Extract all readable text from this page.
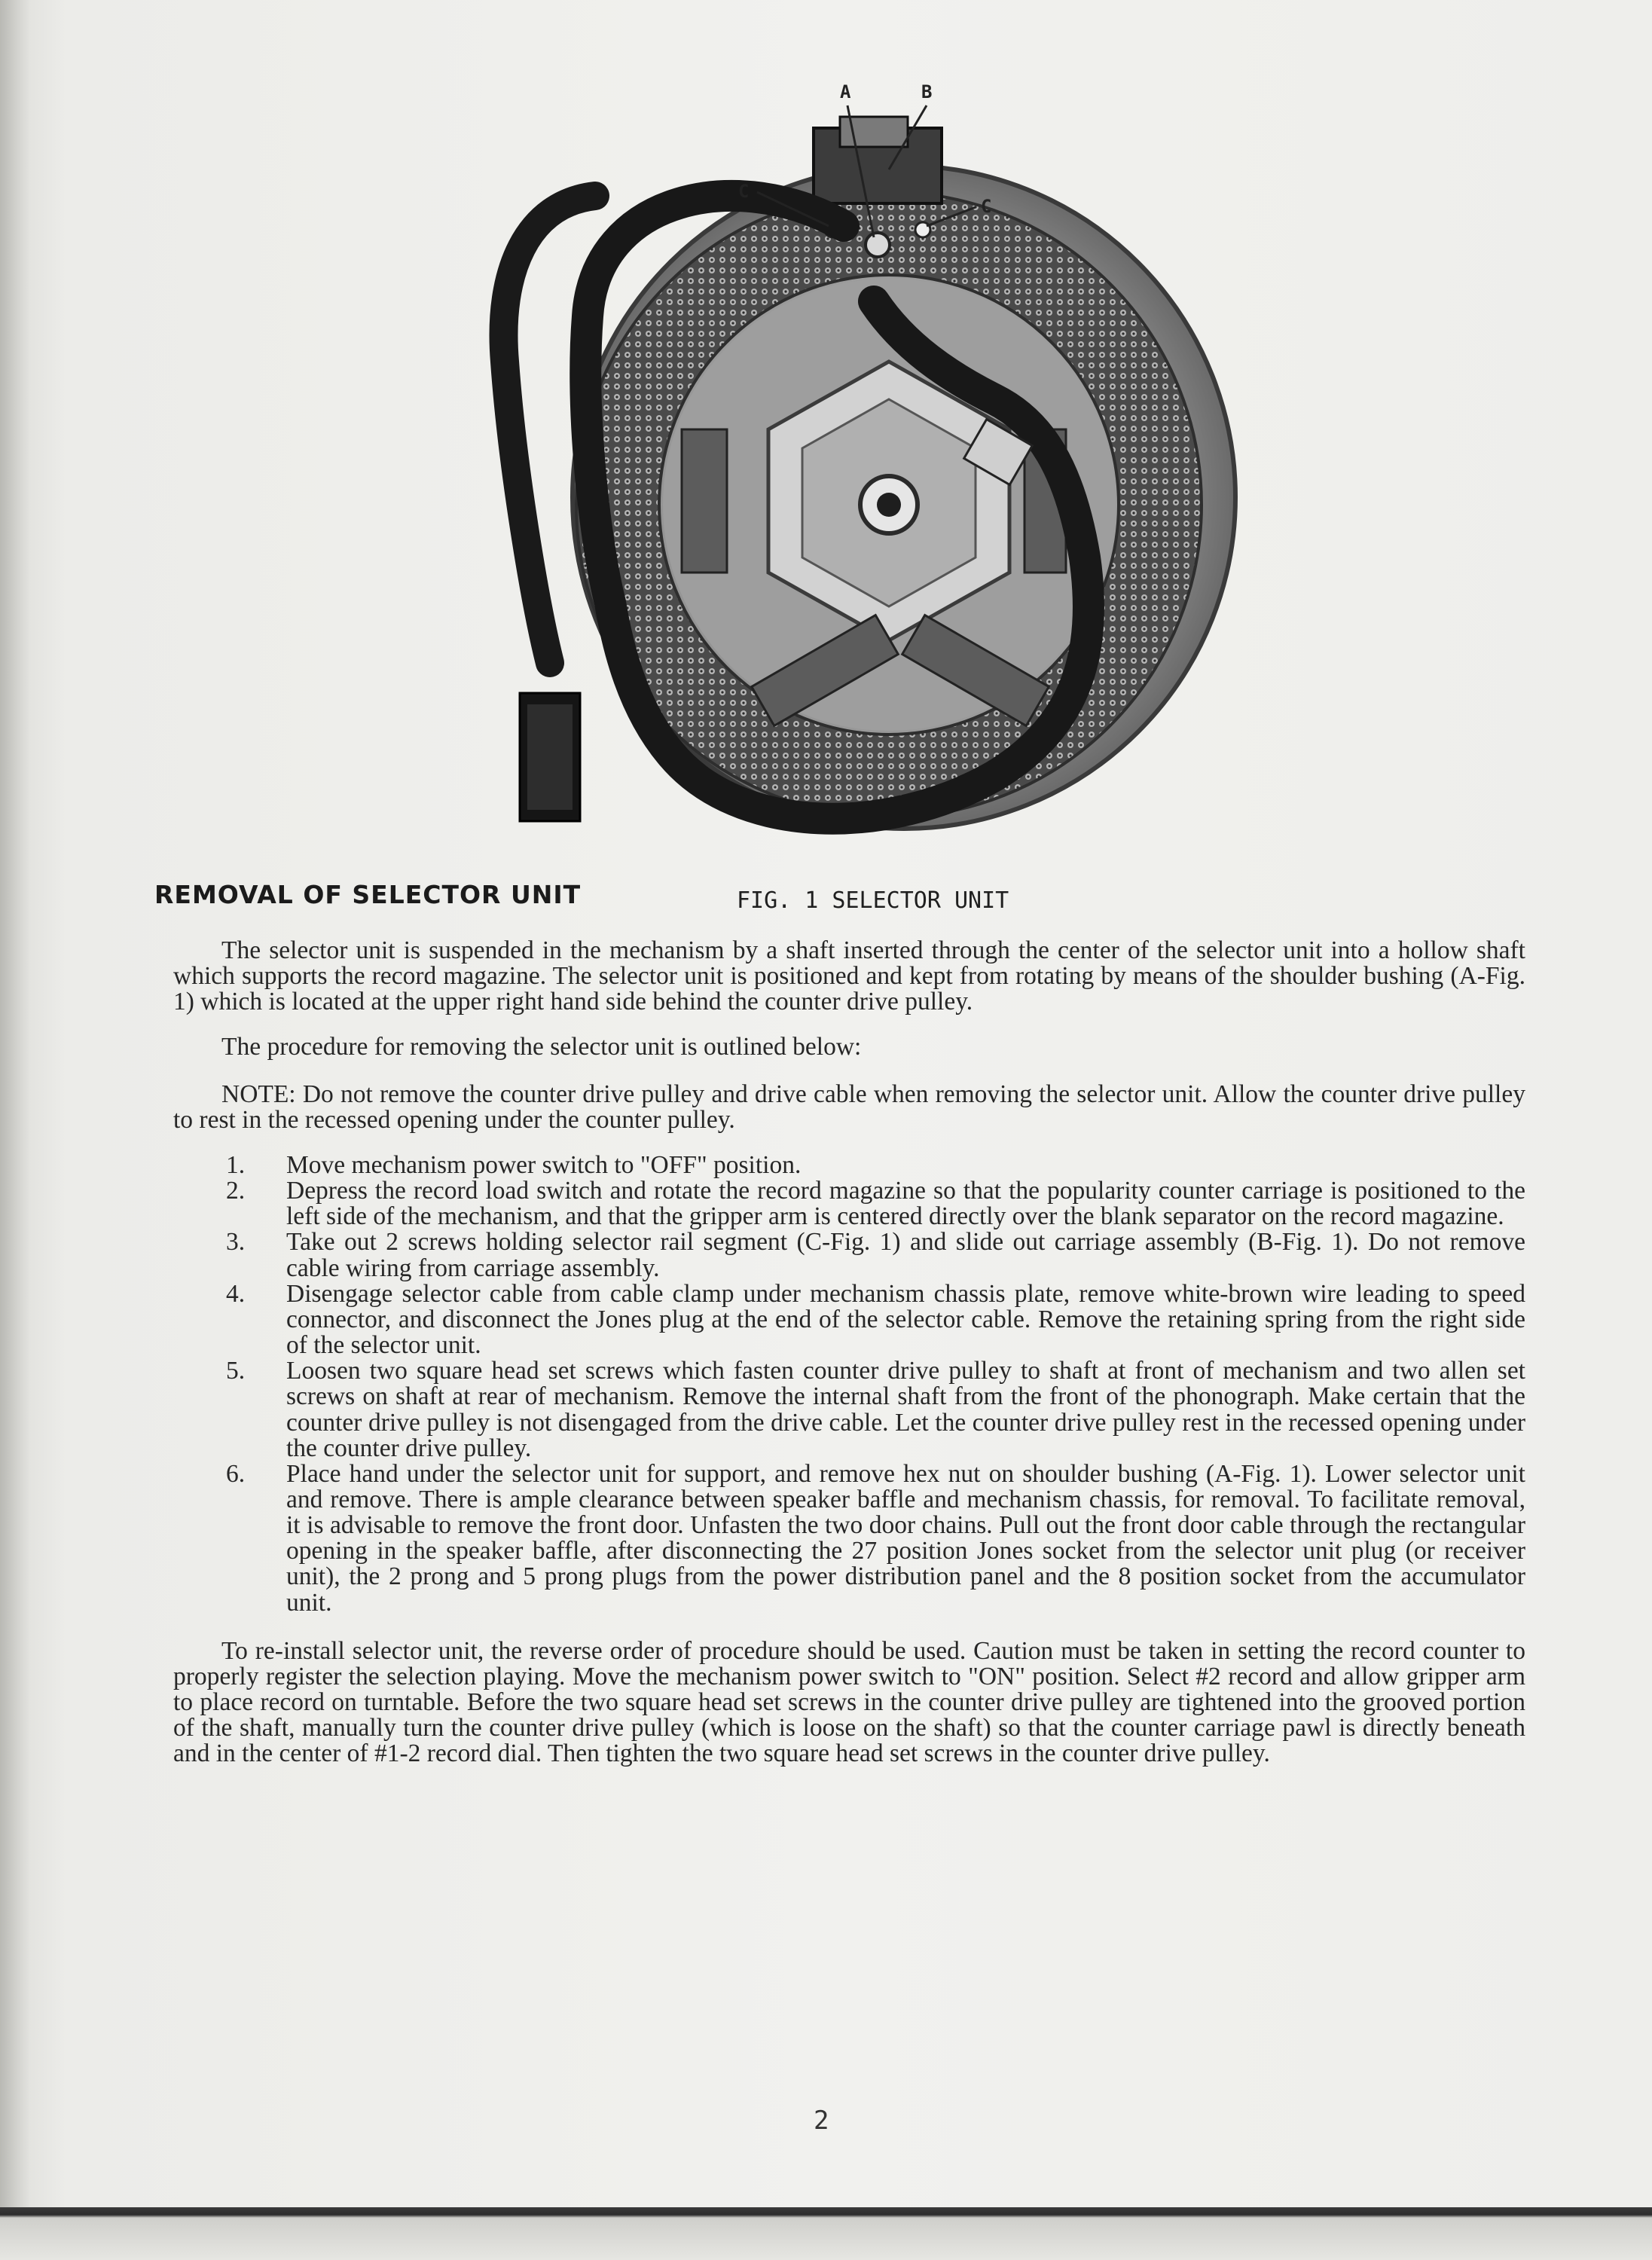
A	B
C
C
REMOVAL OF SELECTOR UNIT	FIG. 1 SELECTOR UNIT

The selector unit is suspended in the mechanism by a shaft inserted through the center of the selector unit into a hollow shaft which supports the record magazine. The selector unit is positioned and kept from rotating by means of the shoulder bushing (A-Fig. 1) which is located at the upper right hand side behind the counter drive pulley.

The procedure for removing the selector unit is outlined below:

NOTE: Do not remove the counter drive pulley and drive cable when removing the selector unit. Allow the counter drive pulley to rest in the recessed opening under the counter pulley.

1. Move mechanism power switch to "OFF" position.
2. Depress the record load switch and rotate the record magazine so that the popularity counter carriage is positioned to the left side of the mechanism, and that the gripper arm is centered directly over the blank separator on the record magazine.
3. Take out 2 screws holding selector rail segment (C-Fig. 1) and slide out carriage assembly (B-Fig. 1). Do not remove cable wiring from carriage assembly.
4. Disengage selector cable from cable clamp under mechanism chassis plate, remove white-brown wire leading to speed connector, and disconnect the Jones plug at the end of the selector cable. Remove the retaining spring from the right side of the selector unit.
5. Loosen two square head set screws which fasten counter drive pulley to shaft at front of mechanism and two allen set screws on shaft at rear of mechanism. Remove the internal shaft from the front of the phonograph. Make certain that the counter drive pulley is not disengaged from the drive cable. Let the counter drive pulley rest in the recessed opening under the counter drive pulley.
6. Place hand under the selector unit for support, and remove hex nut on shoulder bushing (A-Fig. 1). Lower selector unit and remove. There is ample clearance between speaker baffle and mechanism chassis, for removal. To facilitate removal, it is advisable to remove the front door. Unfasten the two door chains. Pull out the front door cable through the rectangular opening in the speaker baffle, after disconnecting the 27 position Jones socket from the selector unit plug (or receiver unit), the 2 prong and 5 prong plugs from the power distribution panel and the 8 position socket from the accumulator unit.

To re-install selector unit, the reverse order of procedure should be used. Caution must be taken in setting the record counter to properly register the selection playing. Move the mechanism power switch to "ON" position. Select #2 record and allow gripper arm to place record on turntable. Before the two square head set screws in the counter drive pulley are tightened into the grooved portion of the shaft, manually turn the counter drive pulley (which is loose on the shaft) so that the counter carriage pawl is directly beneath and in the center of #1-2 record dial. Then tighten the two square head set screws in the counter drive pulley.

2
